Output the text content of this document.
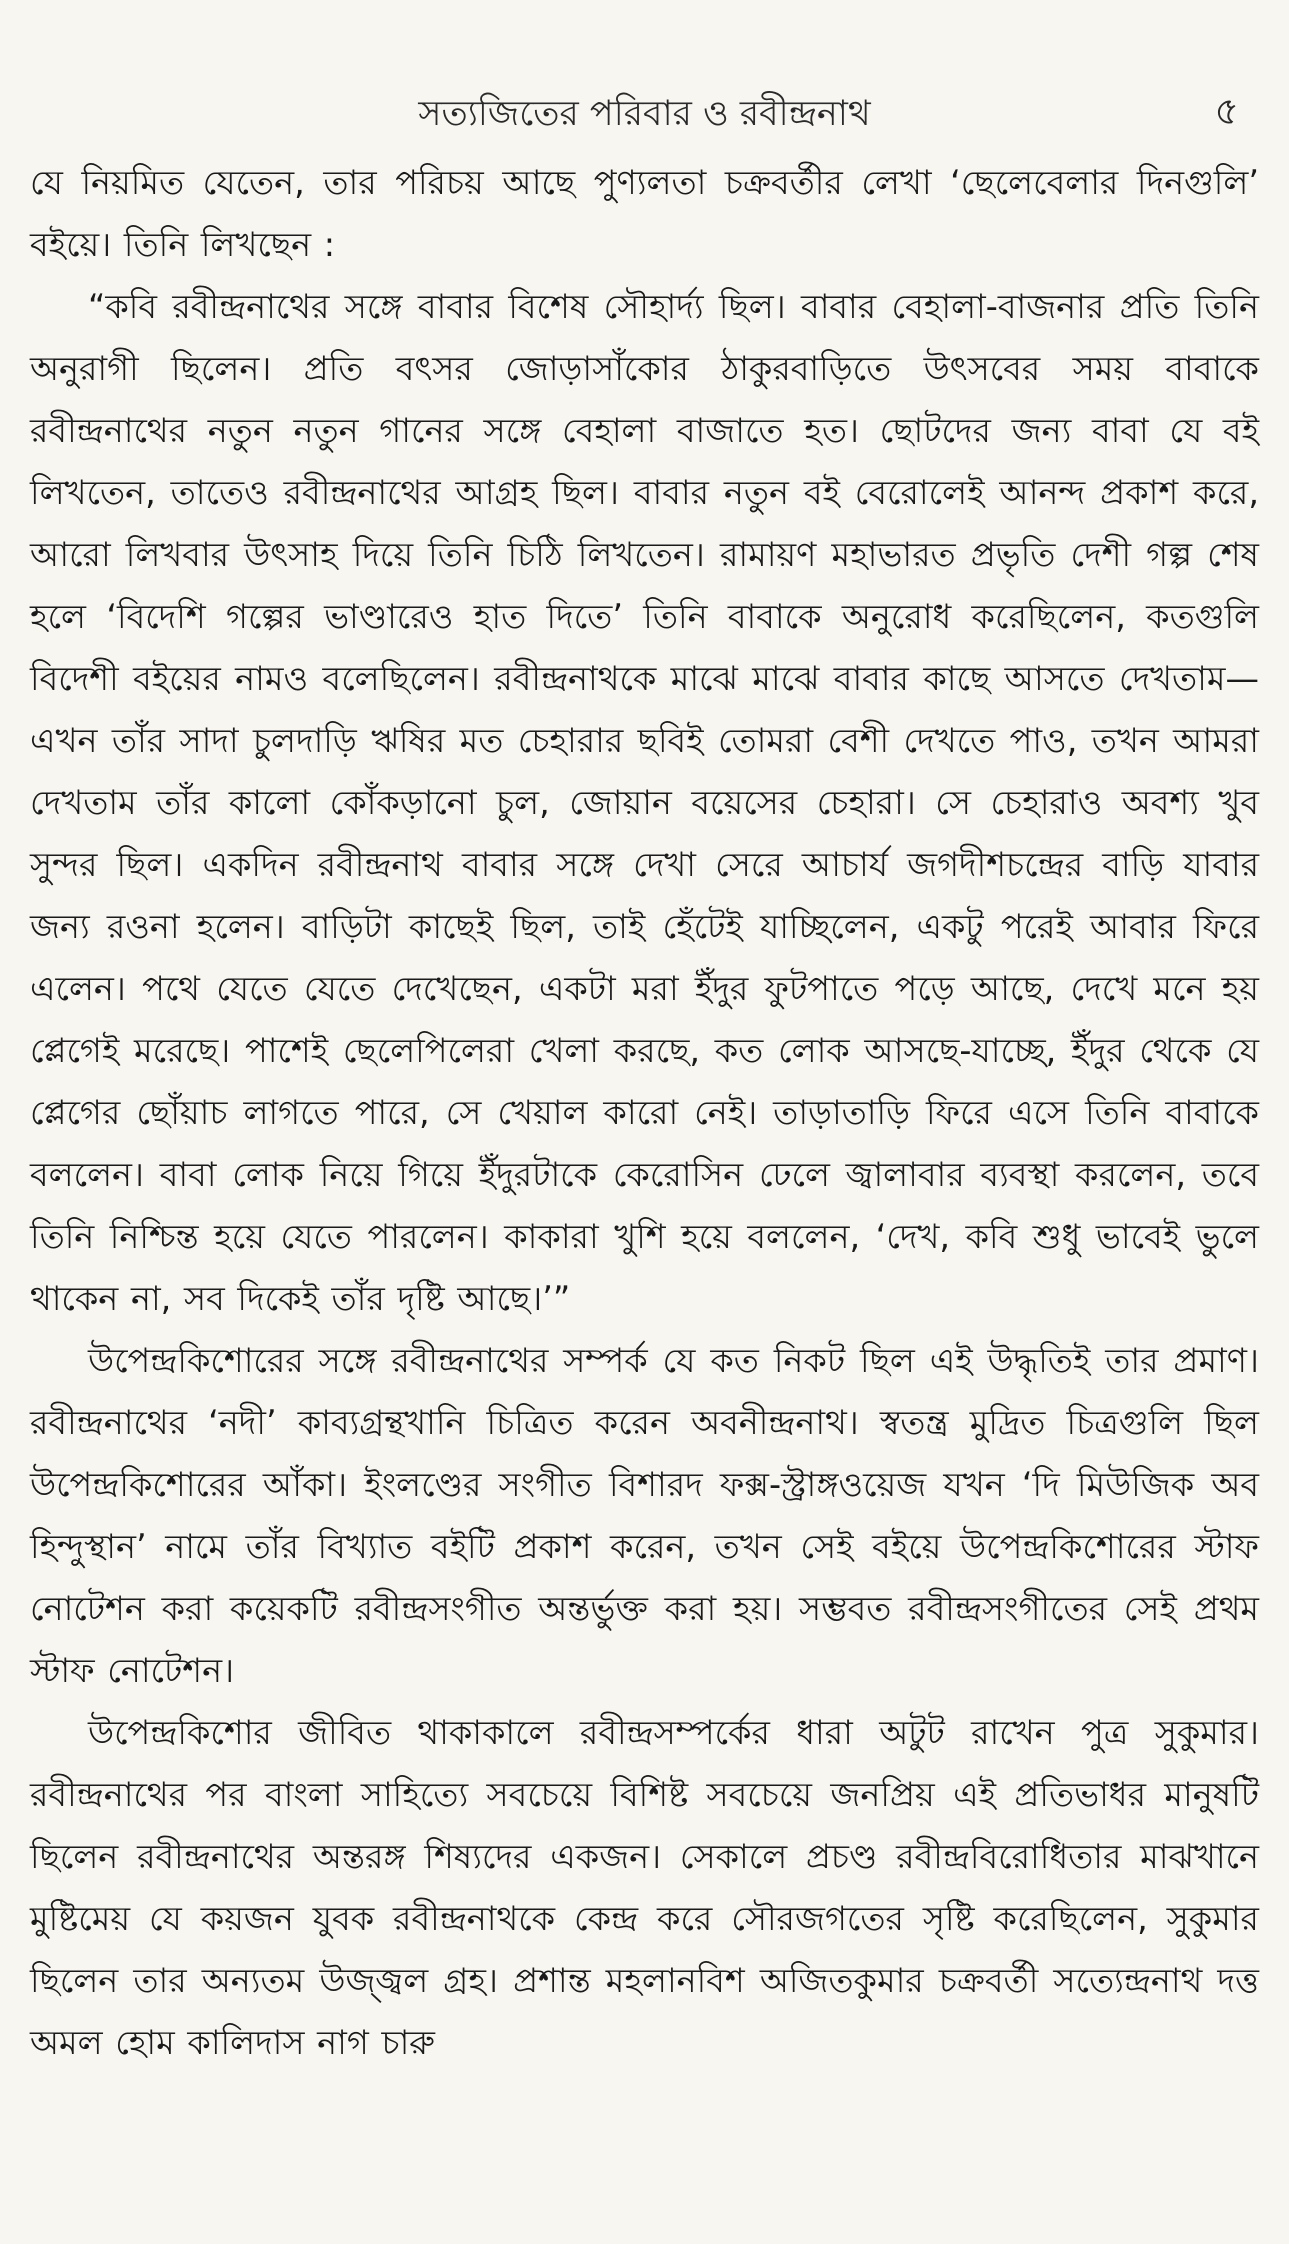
সত্যজিতের পরিবার ও রবীন্দ্রনাথ	৫

যে নিয়মিত যেতেন, তার পরিচয় আছে পুণ্যলতা চক্রবর্তীর লেখা ‘ছেলেবেলার দিনগুলি’ বইয়ে। তিনি লিখছেন :

“কবি রবীন্দ্রনাথের সঙ্গে বাবার বিশেষ সৌহার্দ্য ছিল। বাবার বেহালা-বাজনার প্রতি তিনি অনুরাগী ছিলেন। প্রতি বৎসর জোড়াসাঁকোর ঠাকুরবাড়িতে উৎসবের সময় বাবাকে রবীন্দ্রনাথের নতুন নতুন গানের সঙ্গে বেহালা বাজাতে হত। ছোটদের জন্য বাবা যে বই লিখতেন, তাতেও রবীন্দ্রনাথের আগ্রহ ছিল। বাবার নতুন বই বেরোলেই আনন্দ প্রকাশ করে, আরো লিখবার উৎসাহ দিয়ে তিনি চিঠি লিখতেন। রামায়ণ মহাভারত প্রভৃতি দেশী গল্প শেষ হলে ‘বিদেশি গল্পের ভাণ্ডারেও হাত দিতে’ তিনি বাবাকে অনুরোধ করেছিলেন, কতগুলি বিদেশী বইয়ের নামও বলেছিলেন। রবীন্দ্রনাথকে মাঝে মাঝে বাবার কাছে আসতে দেখতাম—এখন তাঁর সাদা চুলদাড়ি ঋষির মত চেহারার ছবিই তোমরা বেশী দেখতে পাও, তখন আমরা দেখতাম তাঁর কালো কোঁকড়ানো চুল, জোয়ান বয়েসের চেহারা। সে চেহারাও অবশ্য খুব সুন্দর ছিল। একদিন রবীন্দ্রনাথ বাবার সঙ্গে দেখা সেরে আচার্য জগদীশচন্দ্রের বাড়ি যাবার জন্য রওনা হলেন। বাড়িটা কাছেই ছিল, তাই হেঁটেই যাচ্ছিলেন, একটু পরেই আবার ফিরে এলেন। পথে যেতে যেতে দেখেছেন, একটা মরা ইঁদুর ফুটপাতে পড়ে আছে, দেখে মনে হয় প্লেগেই মরেছে। পাশেই ছেলেপিলেরা খেলা করছে, কত লোক আসছে-যাচ্ছে, ইঁদুর থেকে যে প্লেগের ছোঁয়াচ লাগতে পারে, সে খেয়াল কারো নেই। তাড়াতাড়ি ফিরে এসে তিনি বাবাকে বললেন। বাবা লোক নিয়ে গিয়ে ইঁদুরটাকে কেরোসিন ঢেলে জ্বালাবার ব্যবস্থা করলেন, তবে তিনি নিশ্চিন্ত হয়ে যেতে পারলেন। কাকারা খুশি হয়ে বললেন, ‘দেখ, কবি শুধু ভাবেই ভুলে থাকেন না, সব দিকেই তাঁর দৃষ্টি আছে।’”

উপেন্দ্রকিশোরের সঙ্গে রবীন্দ্রনাথের সম্পর্ক যে কত নিকট ছিল এই উদ্ধৃতিই তার প্রমাণ। রবীন্দ্রনাথের ‘নদী’ কাব্যগ্রন্থখানি চিত্রিত করেন অবনীন্দ্রনাথ। স্বতন্ত্র মুদ্রিত চিত্রগুলি ছিল উপেন্দ্রকিশোরের আঁকা। ইংলণ্ডের সংগীত বিশারদ ফক্স-স্ট্রাঙ্গওয়েজ যখন ‘দি মিউজিক অব হিন্দুস্থান’ নামে তাঁর বিখ্যাত বইটি প্রকাশ করেন, তখন সেই বইয়ে উপেন্দ্রকিশোরের স্টাফ নোটেশন করা কয়েকটি রবীন্দ্রসংগীত অন্তর্ভুক্ত করা হয়। সম্ভবত রবীন্দ্রসংগীতের সেই প্রথম স্টাফ নোটেশন।

উপেন্দ্রকিশোর জীবিত থাকাকালে রবীন্দ্রসম্পর্কের ধারা অটুট রাখেন পুত্র সুকুমার। রবীন্দ্রনাথের পর বাংলা সাহিত্যে সবচেয়ে বিশিষ্ট সবচেয়ে জনপ্রিয় এই প্রতিভাধর মানুষটি ছিলেন রবীন্দ্রনাথের অন্তরঙ্গ শিষ্যদের একজন। সেকালে প্রচণ্ড রবীন্দ্রবিরোধিতার মাঝখানে মুষ্টিমেয় যে কয়জন যুবক রবীন্দ্রনাথকে কেন্দ্র করে সৌরজগতের সৃষ্টি করেছিলেন, সুকুমার ছিলেন তার অন্যতম উজ্জ্বল গ্রহ। প্রশান্ত মহলানবিশ অজিতকুমার চক্রবর্তী সত্যেন্দ্রনাথ দত্ত অমল হোম কালিদাস নাগ চারু
